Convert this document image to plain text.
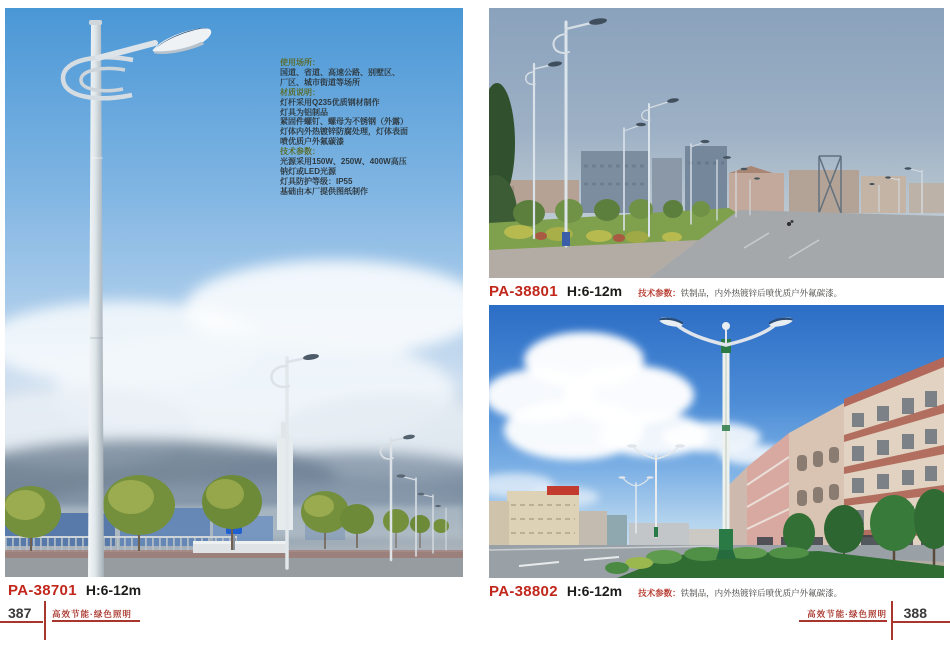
使用场所：
国道、省道、高速公路、别墅区、
厂区、城市街道等场所
材质说明：
灯杆采用Q235优质钢材制作
灯具为铝制品
紧固件螺钉、螺母为不锈钢（外露）
灯体内外热镀锌防腐处理，灯体表面
喷优质户外氟碳漆
技术参数：
光源采用150W、250W、400W高压
钠灯或LED光源
灯具防护等级：IP55
基础由本厂提供图纸制作
PA-38701 H:6-12m
PA-38801 H:6-12m 技术参数：铁制品，内外热镀锌后喷优质户外氟碳漆。
PA-38802 H:6-12m 技术参数：铁制品，内外热镀锌后喷优质户外氟碳漆。
387 高效节能·绿色照明	388
高效节能·绿色照明
